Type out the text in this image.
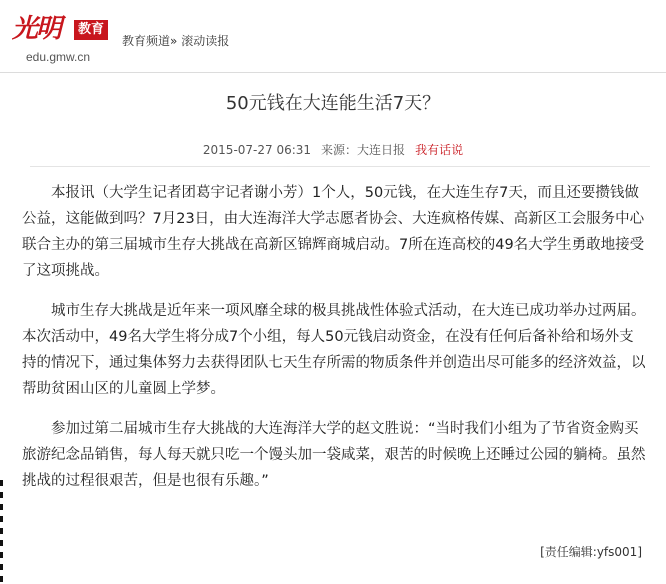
光明	教育
edu.gmw.cn
教育频道» 滚动读报
50元钱在大连能生活7天？
2015-07-27 06:31 来源：大连日报 我有话说

本报讯（大学生记者团葛宇记者谢小芳）1个人，50元钱，在大连生存7天，而且还要攒钱做公益，这能做到吗？7月23日，由大连海洋大学志愿者协会、大连疯格传媒、高新区工会服务中心联合主办的第三届城市生存大挑战在高新区锦辉商城启动。7所在连高校的49名大学生勇敢地接受了这项挑战。

城市生存大挑战是近年来一项风靡全球的极具挑战性体验式活动，在大连已成功举办过两届。本次活动中，49名大学生将分成7个小组，每人50元钱启动资金，在没有任何后备补给和场外支持的情况下，通过集体努力去获得团队七天生存所需的物质条件并创造出尽可能多的经济效益，以帮助贫困山区的儿童圆上学梦。

参加过第二届城市生存大挑战的大连海洋大学的赵文胜说：“当时我们小组为了节省资金购买旅游纪念品销售，每人每天就只吃一个馒头加一袋咸菜，艰苦的时候晚上还睡过公园的躺椅。虽然挑战的过程很艰苦，但是也很有乐趣。”

[责任编辑:yfs001]
